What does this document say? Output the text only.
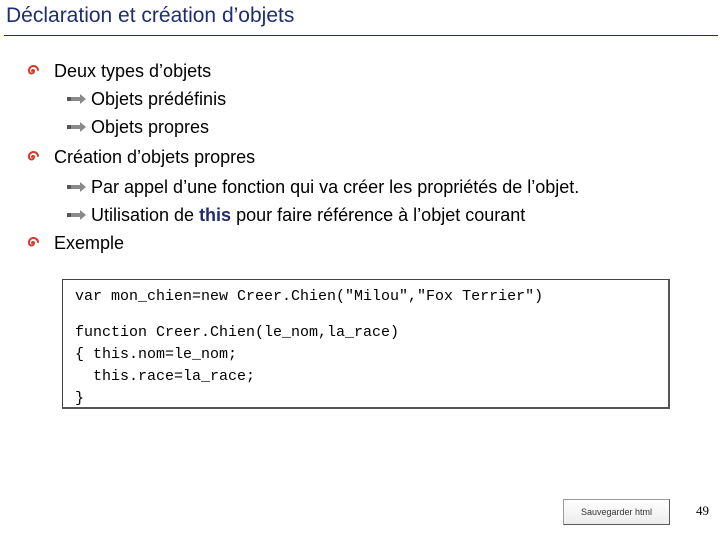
Déclaration et création d’objets
Deux types d’objets
Objets prédéfinis
Objets propres
Création d’objets propres
Par appel d’une fonction qui va créer les propriétés de l’objet.
Utilisation de this pour faire référence à l’objet courant
Exemple
var mon_chien=new Creer.Chien("Milou","Fox Terrier")
function Creer.Chien(le_nom,la_race)
{ this.nom=le_nom;
this.race=la_race;
}
Sauvegarder html	49
